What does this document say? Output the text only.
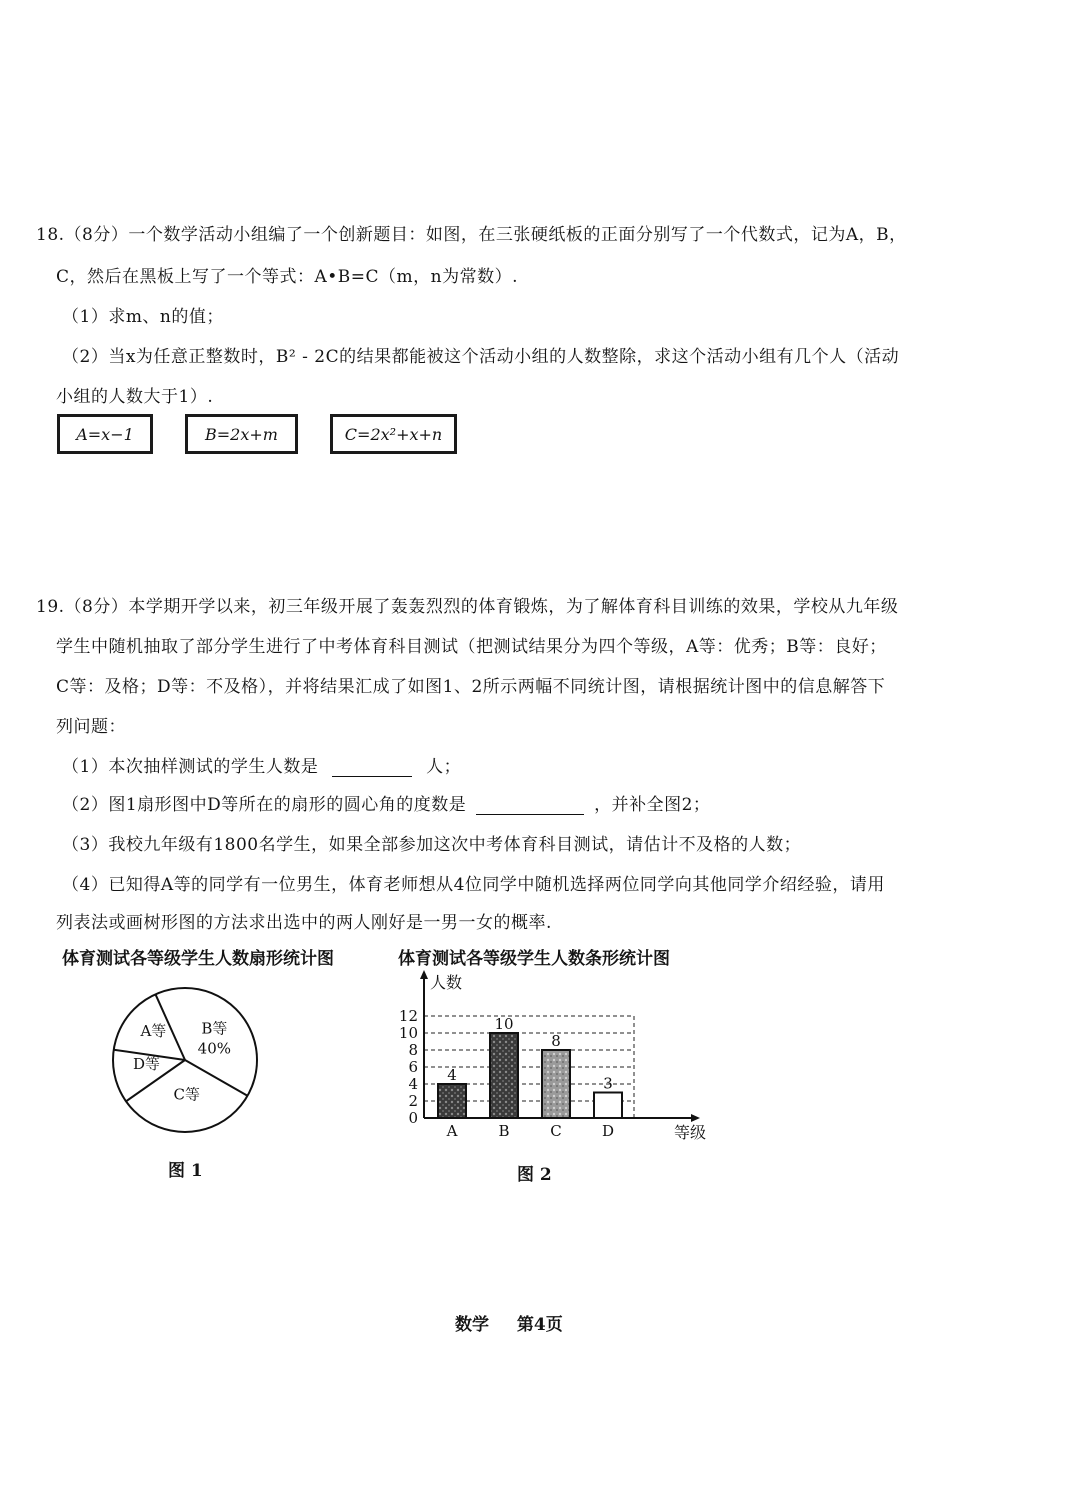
18.（8分）一个数学活动小组编了一个创新题目：如图，在三张硬纸板的正面分别写了一个代数式，记为A，B，
C，然后在黑板上写了一个等式：A•B=C（m，n为常数）.
（1）求m、n的值；
（2）当x为任意正整数时，B² - 2C的结果都能被这个活动小组的人数整除，求这个活动小组有几个人（活动
小组的人数大于1）.
A=x−1	B=2x+m	C=2x²+x+n
19.（8分）本学期开学以来，初三年级开展了轰轰烈烈的体育锻炼，为了解体育科目训练的效果，学校从九年级
学生中随机抽取了部分学生进行了中考体育科目测试（把测试结果分为四个等级，A等：优秀；B等：良好；
C等：及格；D等：不及格），并将结果汇成了如图1、2所示两幅不同统计图，请根据统计图中的信息解答下
列问题：
（1）本次抽样测试的学生人数是	人；
（2）图1扇形图中D等所在的扇形的圆心角的度数是	，并补全图2；
（3）我校九年级有1800名学生，如果全部参加这次中考体育科目测试，请估计不及格的人数；
（4）已知得A等的同学有一位男生，体育老师想从4位同学中随机选择两位同学向其他同学介绍经验，请用
列表法或画树形图的方法求出选中的两人刚好是一男一女的概率.
体育测试各等级学生人数扇形统计图	体育测试各等级学生人数条形统计图
D等
A等 B等
40%
C等
4
10
8
3
0
2
4
6
8
10
12
A	B	C	D
人数
等级
图 1	图 2
数学 第4页
